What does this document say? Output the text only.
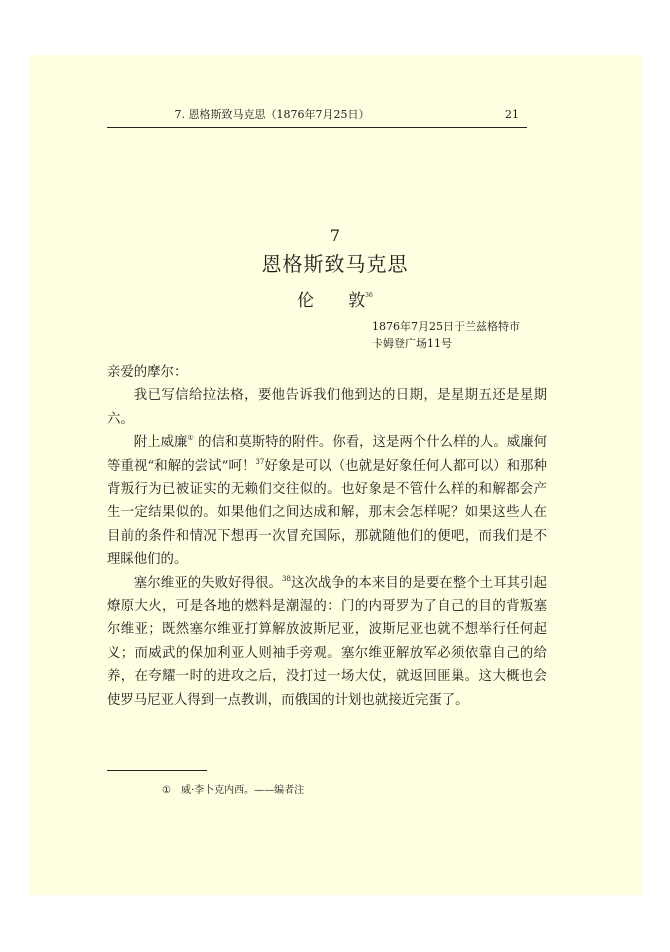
7. 恩格斯致马克思（1876年7月25日）	21
7
恩格斯致马克思
伦 敦$^{36}$
1876年7月25日于兰兹格特市
卡姆登广场11号

亲爱的摩尔：

我已写信给拉法格，要他告诉我们他到达的日期，是星期五还是星期六。

附上威廉① 的信和莫斯特的附件。你看，这是两个什么样的人。威廉何等重视“和解的尝试”呵！$^{37}$好象是可以（也就是好象任何人都可以）和那种背叛行为已被证实的无赖们交往似的。也好象是不管什么样的和解都会产生一定结果似的。如果他们之间达成和解，那末会怎样呢？如果这些人在目前的条件和情况下想再一次冒充国际，那就随他们的便吧，而我们是不理睬他们的。

塞尔维亚的失败好得很。$^{38}$这次战争的本来目的是要在整个土耳其引起燎原大火，可是各地的燃料是潮湿的：门的内哥罗为了自己的目的背叛塞尔维亚；既然塞尔维亚打算解放波斯尼亚，波斯尼亚也就不想举行任何起义；而威武的保加利亚人则袖手旁观。塞尔维亚解放军必须依靠自己的给养，在夸耀一时的进攻之后，没打过一场大仗，就返回匪巢。这大概也会使罗马尼亚人得到一点教训，而俄国的计划也就接近完蛋了。

① 威·李卜克内西。——编者注
